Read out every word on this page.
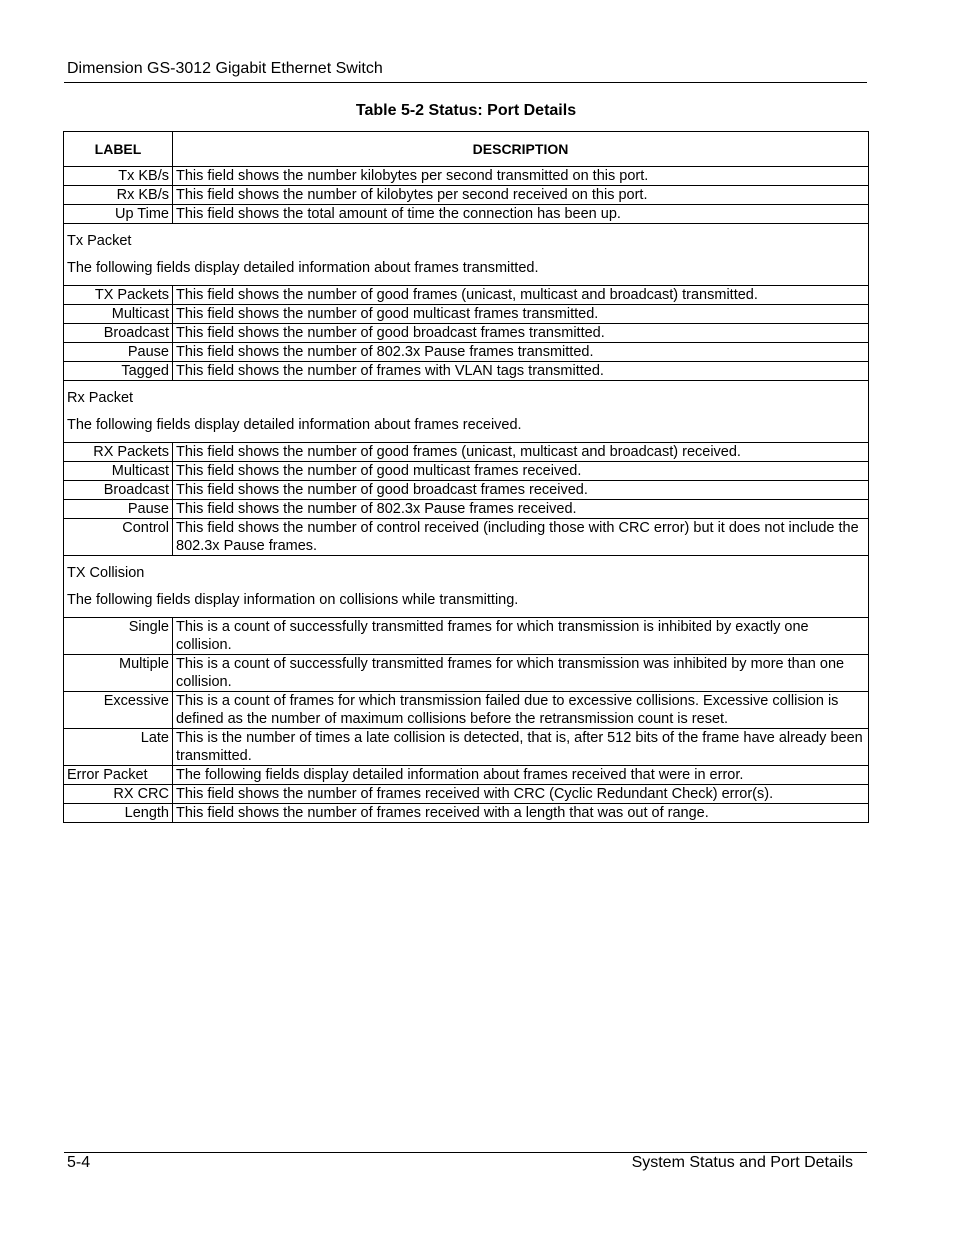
Dimension GS-3012 Gigabit Ethernet Switch
Table 5-2 Status: Port Details
LABEL	DESCRIPTION
Tx KB/s	This field shows the number kilobytes per second transmitted on this port.
Rx KB/s	This field shows the number of kilobytes per second received on this port.
Up Time	This field shows the total amount of time the connection has been up.

Tx Packet
The following fields display detailed information about frames transmitted.	

TX Packets	This field shows the number of good frames (unicast, multicast and broadcast) transmitted.
Multicast	This field shows the number of good multicast frames transmitted.
Broadcast	This field shows the number of good broadcast frames transmitted.
Pause	This field shows the number of 802.3x Pause frames transmitted.
Tagged	This field shows the number of frames with VLAN tags transmitted.

Rx Packet
The following fields display detailed information about frames received.	

RX Packets	This field shows the number of good frames (unicast, multicast and broadcast) received.
Multicast	This field shows the number of good multicast frames received.
Broadcast	This field shows the number of good broadcast frames received.
Pause	This field shows the number of 802.3x Pause frames received.
Control	This field shows the number of control received (including those with CRC error) but it does not include the 802.3x Pause frames.

TX Collision
The following fields display information on collisions while transmitting.	

Single	This is a count of successfully transmitted frames for which transmission is inhibited by exactly one collision.
Multiple	This is a count of successfully transmitted frames for which transmission was inhibited by more than one collision.
Excessive	This is a count of frames for which transmission failed due to excessive collisions. Excessive collision is defined as the number of maximum collisions before the retransmission count is reset.
Late	This is the number of times a late collision is detected, that is, after 512 bits of the frame have already been transmitted.
Error Packet	The following fields display detailed information about frames received that were in error.
RX CRC	This field shows the number of frames received with CRC (Cyclic Redundant Check) error(s).
Length	This field shows the number of frames received with a length that was out of range.
5-4	System Status and Port Details
